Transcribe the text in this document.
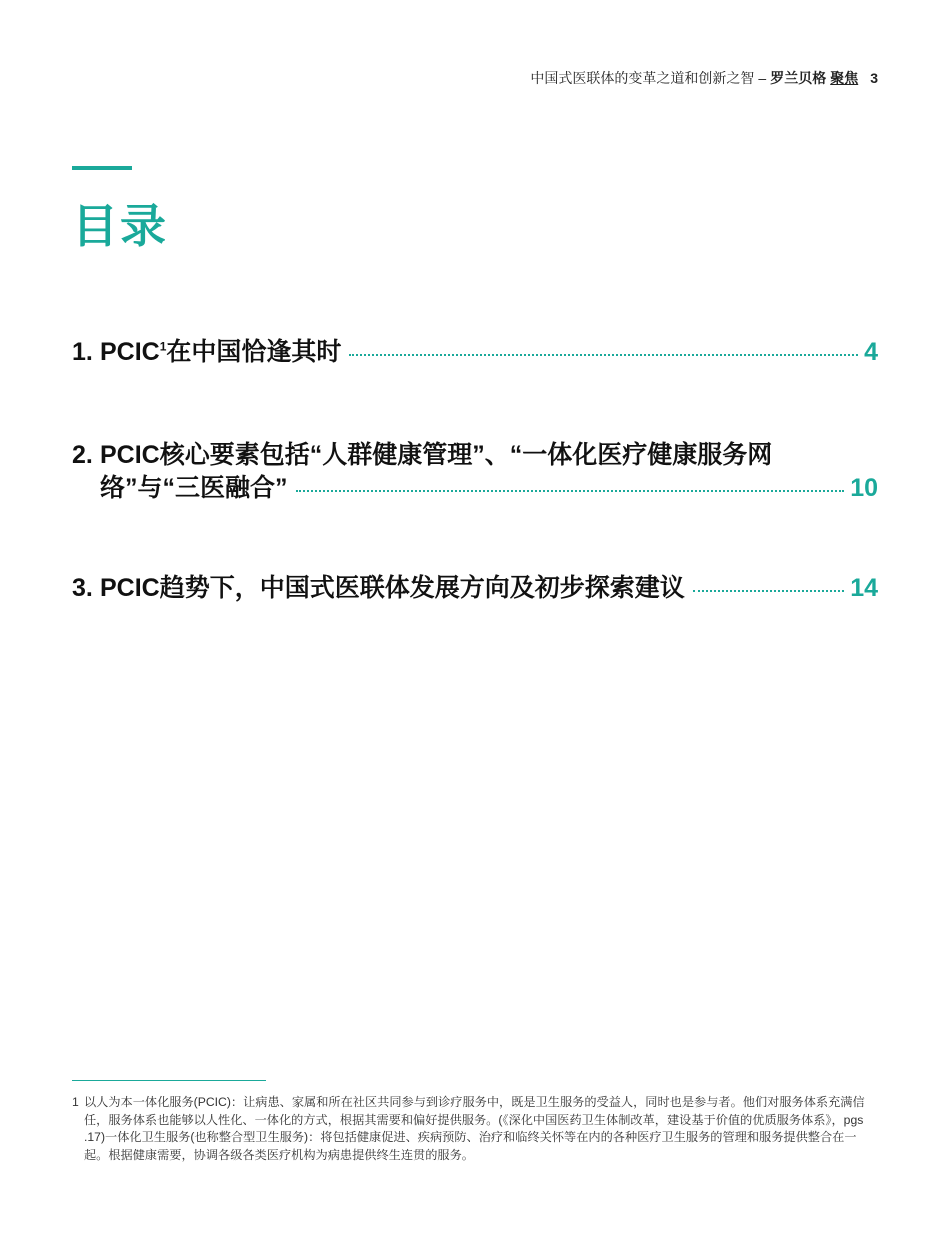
中国式医联体的变革之道和创新之智 – 罗兰贝格 聚焦 3
目录
1. PCIC$^1$在中国恰逢其时	4
2. PCIC核心要素包括“人群健康管理”、“一体化医疗健康服务网
络”与“三医融合”	10
3. PCIC趋势下，中国式医联体发展方向及初步探索建议	14
1 以人为本一体化服务(PCIC)：让病患、家属和所在社区共同参与到诊疗服务中，既是卫生服务的受益人，同时也是参与者。他们对服务体系充满信任，服务体系也能够以人性化、一体化的方式，根据其需要和偏好提供服务。(《深化中国医药卫生体制改革，建设基于价值的优质服务体系》，pgs .17)一体化卫生服务(也称整合型卫生服务)：将包括健康促进、疾病预防、治疗和临终关怀等在内的各种医疗卫生服务的管理和服务提供整合在一起。根据健康需要，协调各级各类医疗机构为病患提供终生连贯的服务。
